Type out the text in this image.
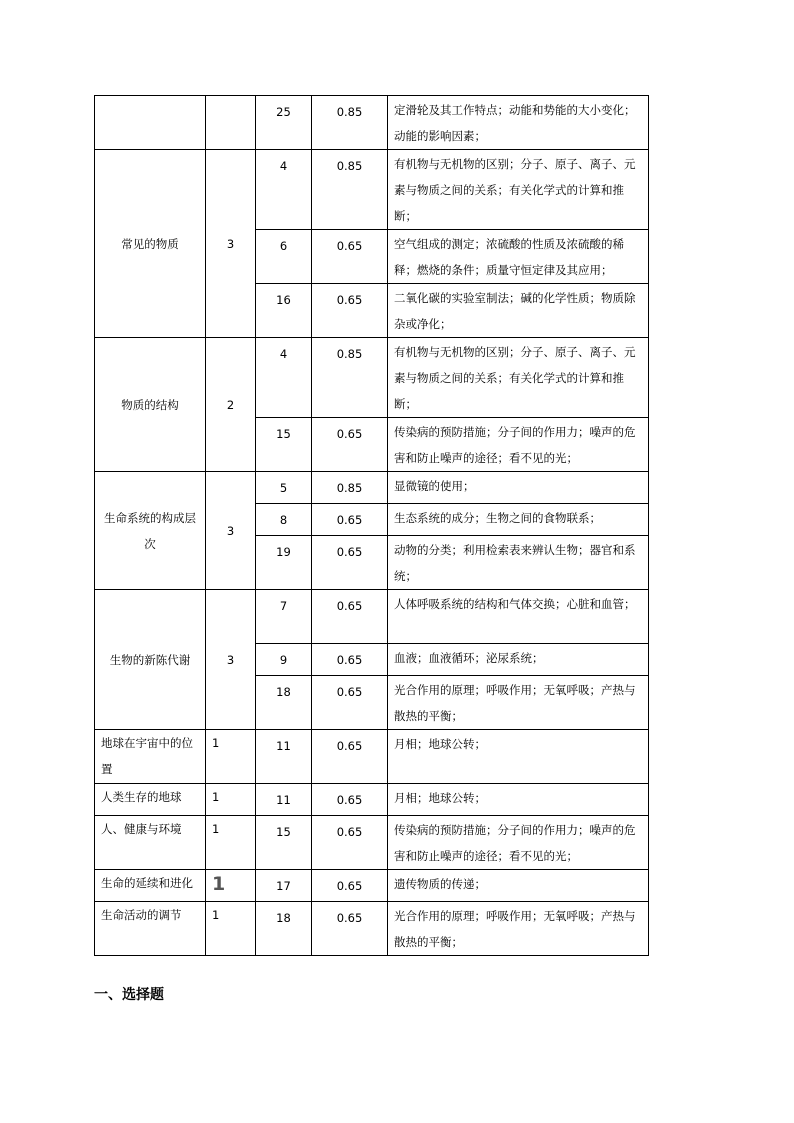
		25	0.85	定滑轮及其工作特点；动能和势能的大小变化；动能的影响因素；
常见的物质	3	4	0.85	有机物与无机物的区别；分子、原子、离子、元素与物质之间的关系；有关化学式的计算和推断；
		6	0.65	空气组成的测定；浓硫酸的性质及浓硫酸的稀释；燃烧的条件；质量守恒定律及其应用；
		16	0.65	二氧化碳的实验室制法；碱的化学性质；物质除杂或净化；
物质的结构	2	4	0.85	有机物与无机物的区别；分子、原子、离子、元素与物质之间的关系；有关化学式的计算和推断；
		15	0.65	传染病的预防措施；分子间的作用力；噪声的危害和防止噪声的途径；看不见的光；
生命系统的构成层次	3	5	0.85	显微镜的使用；
		8	0.65	生态系统的成分；生物之间的食物联系；
		19	0.65	动物的分类；利用检索表来辨认生物；器官和系统；
生物的新陈代谢	3	7	0.65	人体呼吸系统的结构和气体交换；心脏和血管；
		9	0.65	血液；血液循环；泌尿系统；
		18	0.65	光合作用的原理；呼吸作用；无氧呼吸；产热与散热的平衡；
地球在宇宙中的位置	1	11	0.65	月相；地球公转；
人类生存的地球	1	11	0.65	月相；地球公转；
人、健康与环境	1	15	0.65	传染病的预防措施；分子间的作用力；噪声的危害和防止噪声的途径；看不见的光；
生命的延续和进化	1	17	0.65	遗传物质的传递；
生命活动的调节	1	18	0.65	光合作用的原理；呼吸作用；无氧呼吸；产热与散热的平衡；
一、选择题
